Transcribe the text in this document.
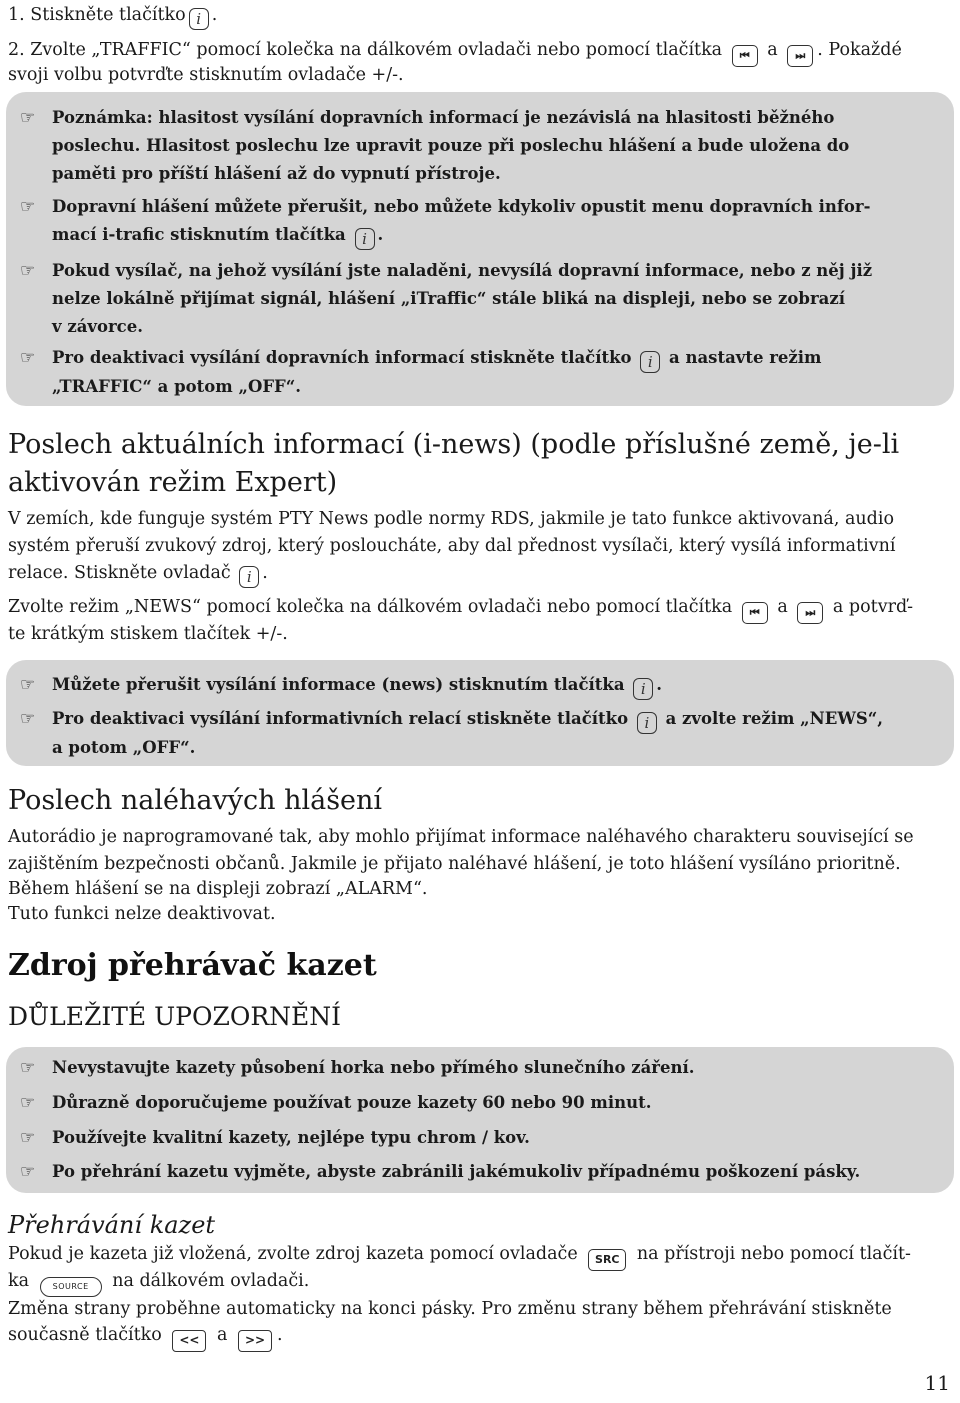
1. Stiskněte tlačítko i .
2. Zvolte „TRAFFIC“ pomocí kolečka na dálkovém ovladači nebo pomocí tlačítka ⏮ a ⏭ . Pokaždé
svoji volbu potvrďte stisknutím ovladače +/-.
☞	Poznámka: hlasitost vysílání dopravních informací je nezávislá na hlasitosti běžného
poslechu. Hlasitost poslechu lze upravit pouze při poslechu hlášení a bude uložena do
paměti pro příští hlášení až do vypnutí přístroje.
☞	Dopravní hlášení můžete přerušit, nebo můžete kdykoliv opustit menu dopravních infor-
mací i-trafic stisknutím tlačítka i .
☞	Pokud vysílač, na jehož vysílání jste naladěni, nevysílá dopravní informace, nebo z něj již
nelze lokálně přijímat signál, hlášení „iTraffic“ stále bliká na displeji, nebo se zobrazí
v závorce.
☞	Pro deaktivaci vysílání dopravních informací stiskněte tlačítko i a nastavte režim
„TRAFFIC“ a potom „OFF“.
Poslech aktuálních informací (i-news) (podle příslušné země, je-li
aktivován režim Expert)
V zemích, kde funguje systém PTY News podle normy RDS, jakmile je tato funkce aktivovaná, audio
systém přeruší zvukový zdroj, který posloucháte, aby dal přednost vysílači, který vysílá informativní
relace. Stiskněte ovladač i .
Zvolte režim „NEWS“ pomocí kolečka na dálkovém ovladači nebo pomocí tlačítka ⏮ a ⏭ a potvrď-
te krátkým stiskem tlačítek +/-.
☞	Můžete přerušit vysílání informace (news) stisknutím tlačítka i .
☞	Pro deaktivaci vysílání informativních relací stiskněte tlačítko i a zvolte režim „NEWS“,
a potom „OFF“.
Poslech naléhavých hlášení
Autorádio je naprogramované tak, aby mohlo přijímat informace naléhavého charakteru související se
zajištěním bezpečnosti občanů. Jakmile je přijato naléhavé hlášení, je toto hlášení vysíláno prioritně.
Během hlášení se na displeji zobrazí „ALARM“.
Tuto funkci nelze deaktivovat.
Zdroj přehrávač kazet
DŮLEŽITÉ UPOZORNĚNÍ
☞	Nevystavujte kazety působení horka nebo přímého slunečního záření.
☞	Důrazně doporučujeme používat pouze kazety 60 nebo 90 minut.
☞	Používejte kvalitní kazety, nejlépe typu chrom / kov.
☞	Po přehrání kazetu vyjměte, abyste zabránili jakémukoliv případnému poškození pásky.
Přehrávání kazet
Pokud je kazeta již vložená, zvolte zdroj kazeta pomocí ovladače SRC na přístroji nebo pomocí tlačít-
ka	SOURCE na dálkovém ovladači.
Změna strany proběhne automaticky na konci pásky. Pro změnu strany během přehrávání stiskněte
současně tlačítko << a >> .
11
